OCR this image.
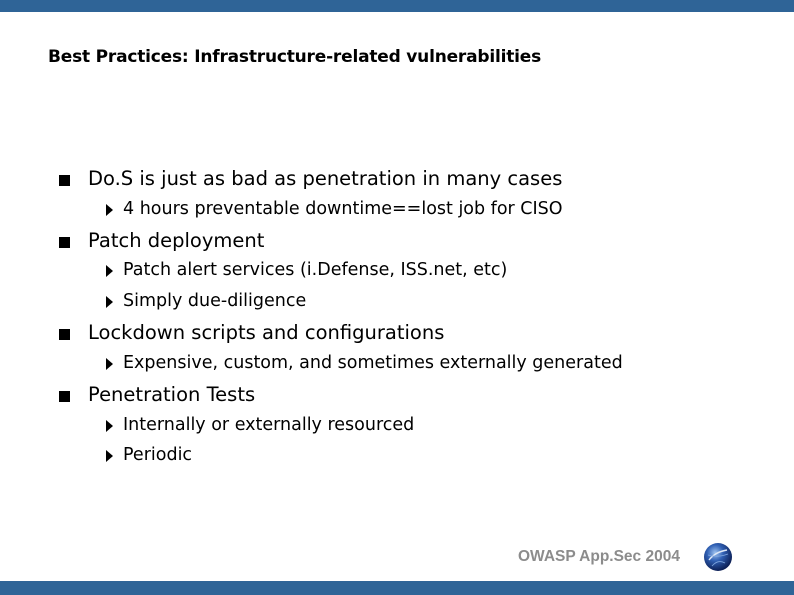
Best Practices: Infrastructure-related vulnerabilities
Do.S is just as bad as penetration in many cases
4 hours preventable downtime==lost job for CISO
Patch deployment
Patch alert services (i.Defense, ISS.net, etc)
Simply due-diligence
Lockdown scripts and configurations
Expensive, custom, and sometimes externally generated
Penetration Tests
Internally or externally resourced
Periodic
OWASP App.Sec 2004
